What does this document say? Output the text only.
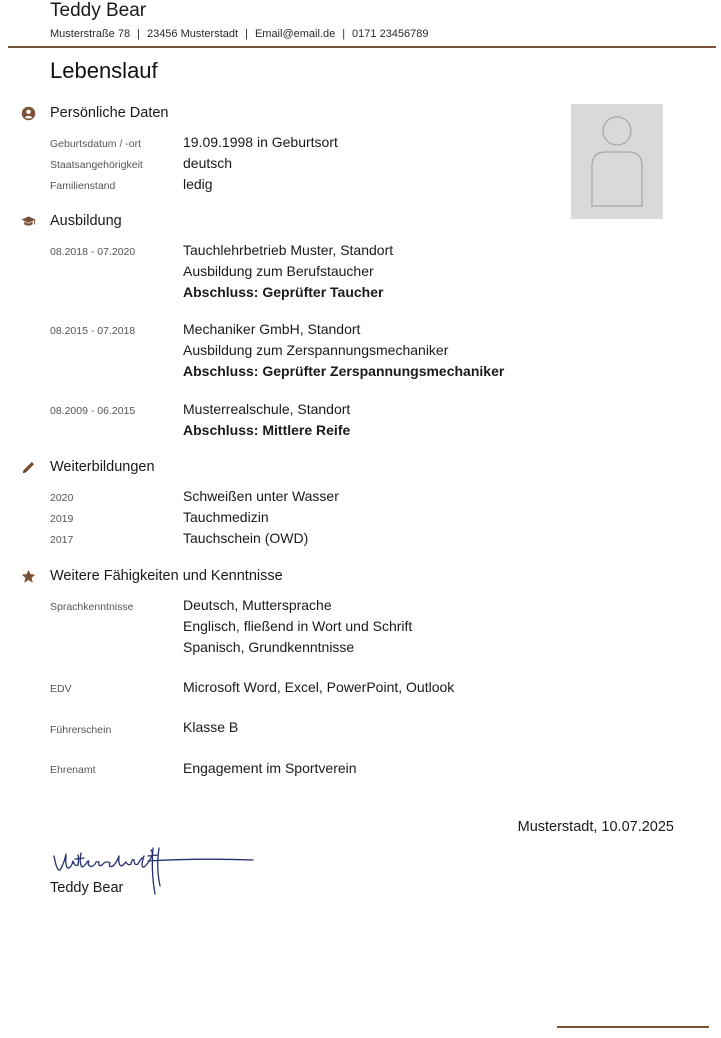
Teddy Bear
Musterstraße 78 | 23456 Musterstadt | Email@email.de | 0171 23456789
Lebenslauf
Persönliche Daten
Geburtsdatum / -ort	19.09.1998 in Geburtsort
Staatsangehörigkeit	deutsch
Familienstand	ledig
Ausbildung
08.2018 - 07.2020	Tauchlehrbetrieb Muster, Standort
Ausbildung zum Berufstaucher
Abschluss: Geprüfter Taucher
08.2015 - 07.2018	Mechaniker GmbH, Standort
Ausbildung zum Zerspannungsmechaniker
Abschluss: Geprüfter Zerspannungsmechaniker
08.2009 - 06.2015	Musterrealschule, Standort
Abschluss: Mittlere Reife
Weiterbildungen
2020	Schweißen unter Wasser
2019	Tauchmedizin
2017	Tauchschein (OWD)
Weitere Fähigkeiten und Kenntnisse
Sprachkenntnisse	Deutsch, Muttersprache
Englisch, fließend in Wort und Schrift
Spanisch, Grundkenntnisse
EDV	Microsoft Word, Excel, PowerPoint, Outlook
Führerschein	Klasse B
Ehrenamt	Engagement im Sportverein
Musterstadt, 10.07.2025
Teddy Bear
